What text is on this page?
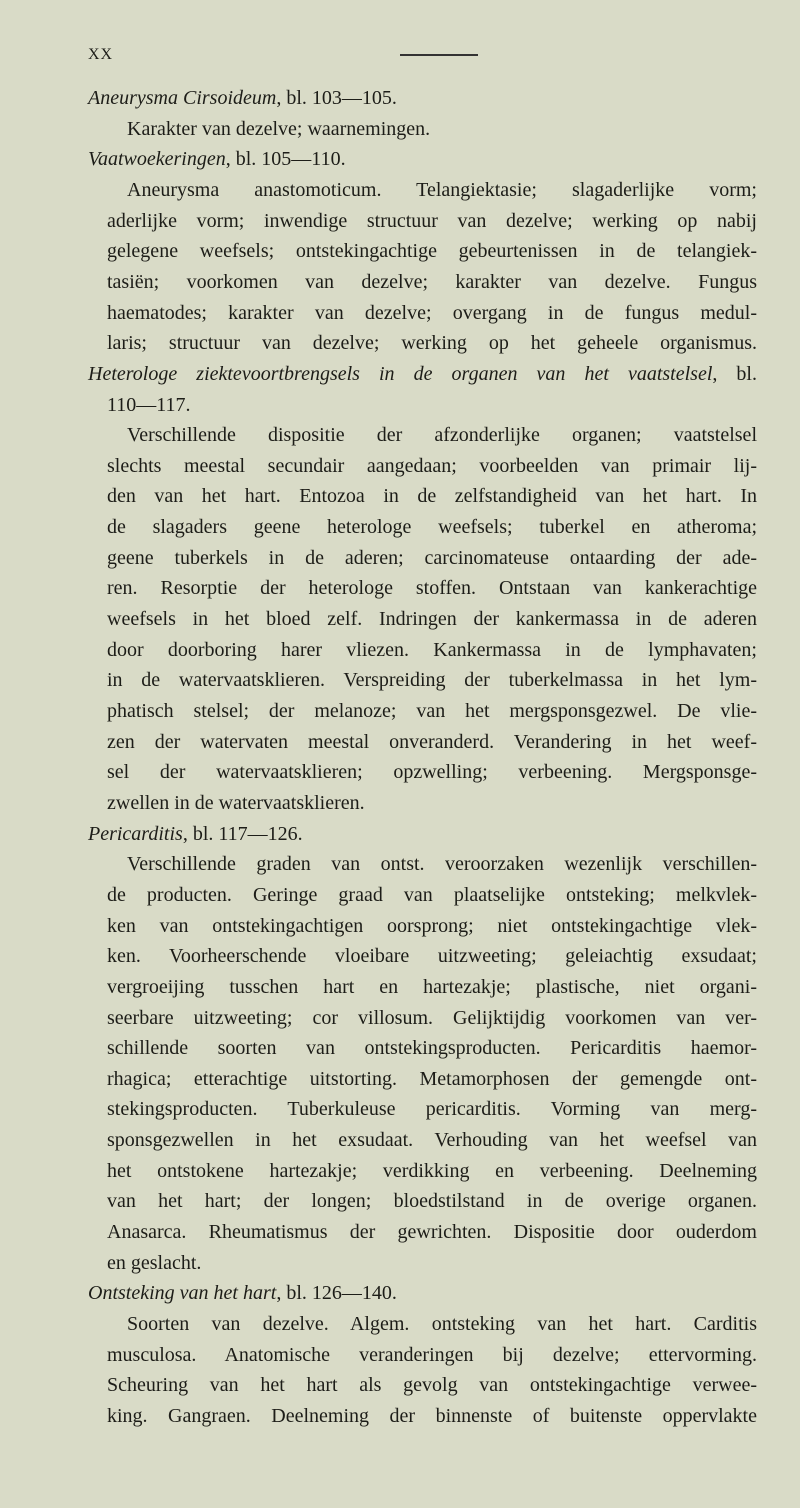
XX
Aneurysma Cirsoideum, bl. 103—105.
Karakter van dezelve; waarnemingen.
Vaatwoekeringen, bl. 105—110.
Aneurysma anastomoticum. Telangiektasie; slagaderlijke vorm;
aderlijke vorm; inwendige structuur van dezelve; werking op nabij
gelegene weefsels; ontstekingachtige gebeurtenissen in de telangiek-
tasiën; voorkomen van dezelve; karakter van dezelve. Fungus
haematodes; karakter van dezelve; overgang in de fungus medul-
laris; structuur van dezelve; werking op het geheele organismus.
Heterologe ziektevoortbrengsels in de organen van het vaatstelsel, bl.
110—117.
Verschillende dispositie der afzonderlijke organen; vaatstelsel
slechts meestal secundair aangedaan; voorbeelden van primair lij-
den van het hart. Entozoa in de zelfstandigheid van het hart. In
de slagaders geene heterologe weefsels; tuberkel en atheroma;
geene tuberkels in de aderen; carcinomateuse ontaarding der ade-
ren. Resorptie der heterologe stoffen. Ontstaan van kankerachtige
weefsels in het bloed zelf. Indringen der kankermassa in de aderen
door doorboring harer vliezen. Kankermassa in de lymphavaten;
in de watervaatsklieren. Verspreiding der tuberkelmassa in het lym-
phatisch stelsel; der melanoze; van het mergsponsgezwel. De vlie-
zen der watervaten meestal onveranderd. Verandering in het weef-
sel der watervaatsklieren; opzwelling; verbeening. Mergsponsge-
zwellen in de watervaatsklieren.
Pericarditis, bl. 117—126.
Verschillende graden van ontst. veroorzaken wezenlijk verschillen-
de producten. Geringe graad van plaatselijke ontsteking; melkvlek-
ken van ontstekingachtigen oorsprong; niet ontstekingachtige vlek-
ken. Voorheerschende vloeibare uitzweeting; geleiachtig exsudaat;
vergroeijing tusschen hart en hartezakje; plastische, niet organi-
seerbare uitzweeting; cor villosum. Gelijktijdig voorkomen van ver-
schillende soorten van ontstekingsproducten. Pericarditis haemor-
rhagica; etterachtige uitstorting. Metamorphosen der gemengde ont-
stekingsproducten. Tuberkuleuse pericarditis. Vorming van merg-
sponsgezwellen in het exsudaat. Verhouding van het weefsel van
het ontstokene hartezakje; verdikking en verbeening. Deelneming
van het hart; der longen; bloedstilstand in de overige organen.
Anasarca. Rheumatismus der gewrichten. Dispositie door ouderdom
en geslacht.
Ontsteking van het hart, bl. 126—140.
Soorten van dezelve. Algem. ontsteking van het hart. Carditis
musculosa. Anatomische veranderingen bij dezelve; ettervorming.
Scheuring van het hart als gevolg van ontstekingachtige verwee-
king. Gangraen. Deelneming der binnenste of buitenste oppervlakte
